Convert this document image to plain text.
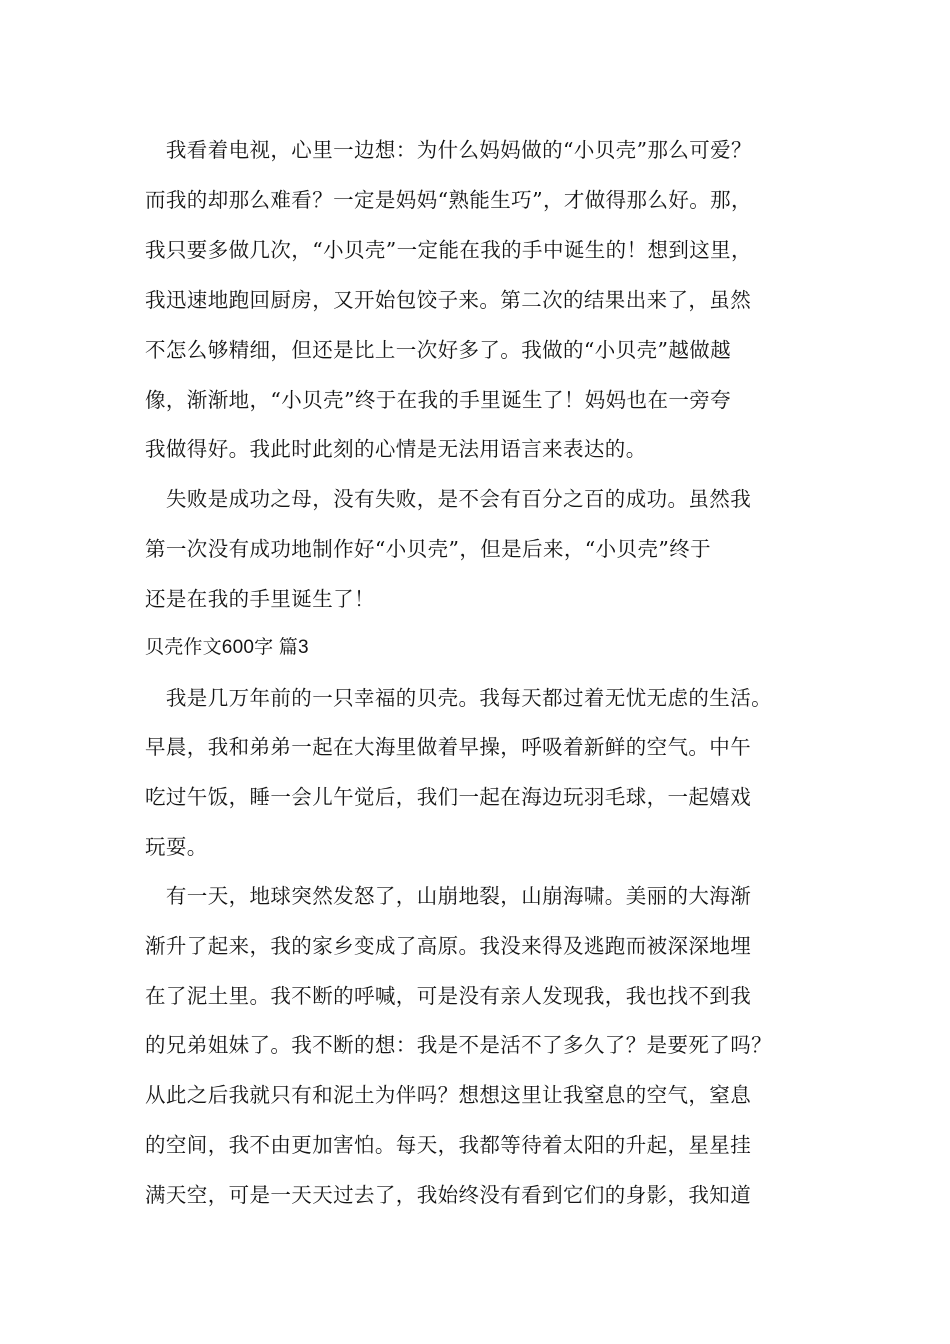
　我看着电视，心里一边想：为什么妈妈做的“小贝壳”那么可爱？
而我的却那么难看？一定是妈妈“熟能生巧”，才做得那么好。那，
我只要多做几次，“小贝壳”一定能在我的手中诞生的！想到这里，
我迅速地跑回厨房，又开始包饺子来。第二次的结果出来了，虽然
不怎么够精细，但还是比上一次好多了。我做的“小贝壳”越做越
像，渐渐地，“小贝壳”终于在我的手里诞生了！妈妈也在一旁夸
我做得好。我此时此刻的心情是无法用语言来表达的。
　失败是成功之母，没有失败，是不会有百分之百的成功。虽然我
第一次没有成功地制作好“小贝壳”，但是后来，“小贝壳”终于
还是在我的手里诞生了！
贝壳作文600字 篇3
　我是几万年前的一只幸福的贝壳。我每天都过着无忧无虑的生活。
早晨，我和弟弟一起在大海里做着早操，呼吸着新鲜的空气。中午
吃过午饭，睡一会儿午觉后，我们一起在海边玩羽毛球，一起嬉戏
玩耍。
　有一天，地球突然发怒了，山崩地裂，山崩海啸。美丽的大海渐
渐升了起来，我的家乡变成了高原。我没来得及逃跑而被深深地埋
在了泥土里。我不断的呼喊，可是没有亲人发现我，我也找不到我
的兄弟姐妹了。我不断的想：我是不是活不了多久了？是要死了吗？
从此之后我就只有和泥土为伴吗？想想这里让我窒息的空气，窒息
的空间，我不由更加害怕。每天，我都等待着太阳的升起，星星挂
满天空，可是一天天过去了，我始终没有看到它们的身影，我知道
